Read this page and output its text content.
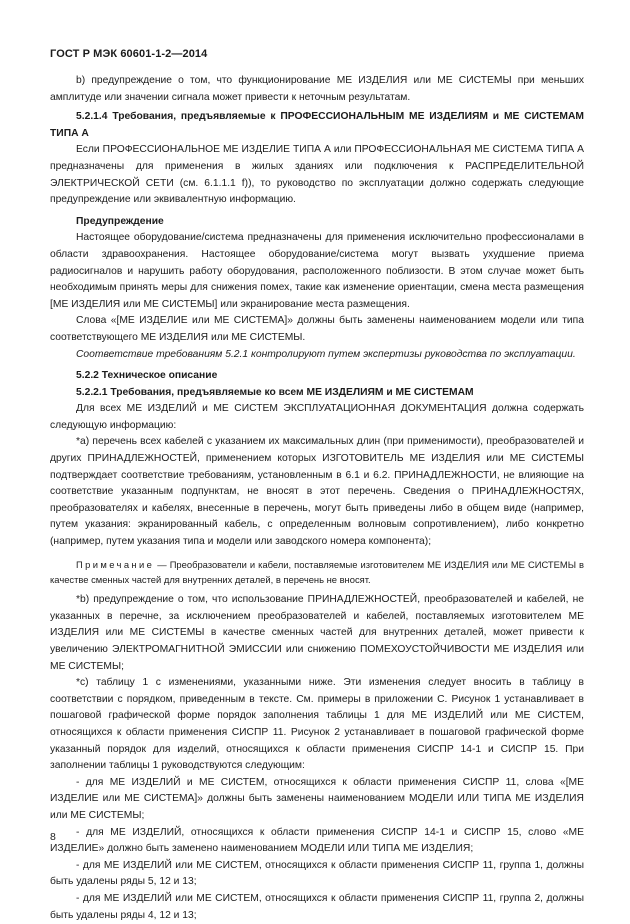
ГОСТ Р МЭК 60601-1-2—2014

b) предупреждение о том, что функционирование МЕ ИЗДЕЛИЯ или МЕ СИСТЕМЫ при меньших амплитуде или значении сигнала может привести к неточным результатам.

5.2.1.4 Требования, предъявляемые к ПРОФЕССИОНАЛЬНЫМ МЕ ИЗДЕЛИЯМ и МЕ СИСТЕМАМ ТИПА А

Если ПРОФЕССИОНАЛЬНОЕ МЕ ИЗДЕЛИЕ ТИПА А или ПРОФЕССИОНАЛЬНАЯ МЕ СИСТЕМА ТИПА А предназначены для применения в жилых зданиях или подключения к РАСПРЕДЕЛИТЕЛЬНОЙ ЭЛЕКТРИЧЕСКОЙ СЕТИ (см. 6.1.1.1 f)), то руководство по эксплуатации должно содержать следующие предупреждение или эквивалентную информацию.

Предупреждение

Настоящее оборудование/система предназначены для применения исключительно профессионалами в области здравоохранения. Настоящее оборудование/система могут вызвать ухудшение приема радиосигналов и нарушить работу оборудования, расположенного поблизости. В этом случае может быть необходимым принять меры для снижения помех, такие как изменение ориентации, смена места размещения [МЕ ИЗДЕЛИЯ или МЕ СИСТЕМЫ] или экранирование места размещения.

Слова «[МЕ ИЗДЕЛИЕ или МЕ СИСТЕМА]» должны быть заменены наименованием модели или типа соответствующего МЕ ИЗДЕЛИЯ или МЕ СИСТЕМЫ.

Соответствие требованиям 5.2.1 контролируют путем экспертизы руководства по эксплуатации.

5.2.2 Техническое описание

5.2.2.1 Требования, предъявляемые ко всем МЕ ИЗДЕЛИЯМ и МЕ СИСТЕМАМ

Для всех МЕ ИЗДЕЛИЙ и МЕ СИСТЕМ ЭКСПЛУАТАЦИОННАЯ ДОКУМЕНТАЦИЯ должна содержать следующую информацию:

*a) перечень всех кабелей с указанием их максимальных длин (при применимости), преобразователей и других ПРИНАДЛЕЖНОСТЕЙ, применением которых ИЗГОТОВИТЕЛЬ МЕ ИЗДЕЛИЯ или МЕ СИСТЕМЫ подтверждает соответствие требованиям, установленным в 6.1 и 6.2. ПРИНАДЛЕЖНОСТИ, не влияющие на соответствие указанным подпунктам, не вносят в этот перечень. Сведения о ПРИНАДЛЕЖНОСТЯХ, преобразователях и кабелях, внесенные в перечень, могут быть приведены либо в общем виде (например, путем указания: экранированный кабель, с определенным волновым сопротивлением), либо конкретно (например, путем указания типа и модели или заводского номера компонента);

Примечание — Преобразователи и кабели, поставляемые изготовителем МЕ ИЗДЕЛИЯ или МЕ СИСТЕМЫ в качестве сменных частей для внутренних деталей, в перечень не вносят.

*b) предупреждение о том, что использование ПРИНАДЛЕЖНОСТЕЙ, преобразователей и кабелей, не указанных в перечне, за исключением преобразователей и кабелей, поставляемых изготовителем МЕ ИЗДЕЛИЯ или МЕ СИСТЕМЫ в качестве сменных частей для внутренних деталей, может привести к увеличению ЭЛЕКТРОМАГНИТНОЙ ЭМИССИИ или снижению ПОМЕХОУСТОЙЧИВОСТИ МЕ ИЗДЕЛИЯ или МЕ СИСТЕМЫ;

*c) таблицу 1 с изменениями, указанными ниже. Эти изменения следует вносить в таблицу в соответствии с порядком, приведенным в тексте. См. примеры в приложении С. Рисунок 1 устанавливает в пошаговой графической форме порядок заполнения таблицы 1 для МЕ ИЗДЕЛИЙ или МЕ СИСТЕМ, относящихся к области применения СИСПР 11. Рисунок 2 устанавливает в пошаговой графической форме указанный порядок для изделий, относящихся к области применения СИСПР 14-1 и СИСПР 15. При заполнении таблицы 1 руководствуются следующим:

- для МЕ ИЗДЕЛИЙ и МЕ СИСТЕМ, относящихся к области применения СИСПР 11, слова «[МЕ ИЗДЕЛИЕ или МЕ СИСТЕМА]» должны быть заменены наименованием МОДЕЛИ ИЛИ ТИПА МЕ ИЗДЕЛИЯ или МЕ СИСТЕМЫ;

- для МЕ ИЗДЕЛИЙ, относящихся к области применения СИСПР 14-1 и СИСПР 15, слово «МЕ ИЗДЕЛИЕ» должно быть заменено наименованием МОДЕЛИ ИЛИ ТИПА МЕ ИЗДЕЛИЯ;

- для МЕ ИЗДЕЛИЙ или МЕ СИСТЕМ, относящихся к области применения СИСПР 11, группа 1, должны быть удалены ряды 5, 12 и 13;

- для МЕ ИЗДЕЛИЙ или МЕ СИСТЕМ, относящихся к области применения СИСПР 11, группа 2, должны быть удалены ряды 4, 12 и 13;

8
